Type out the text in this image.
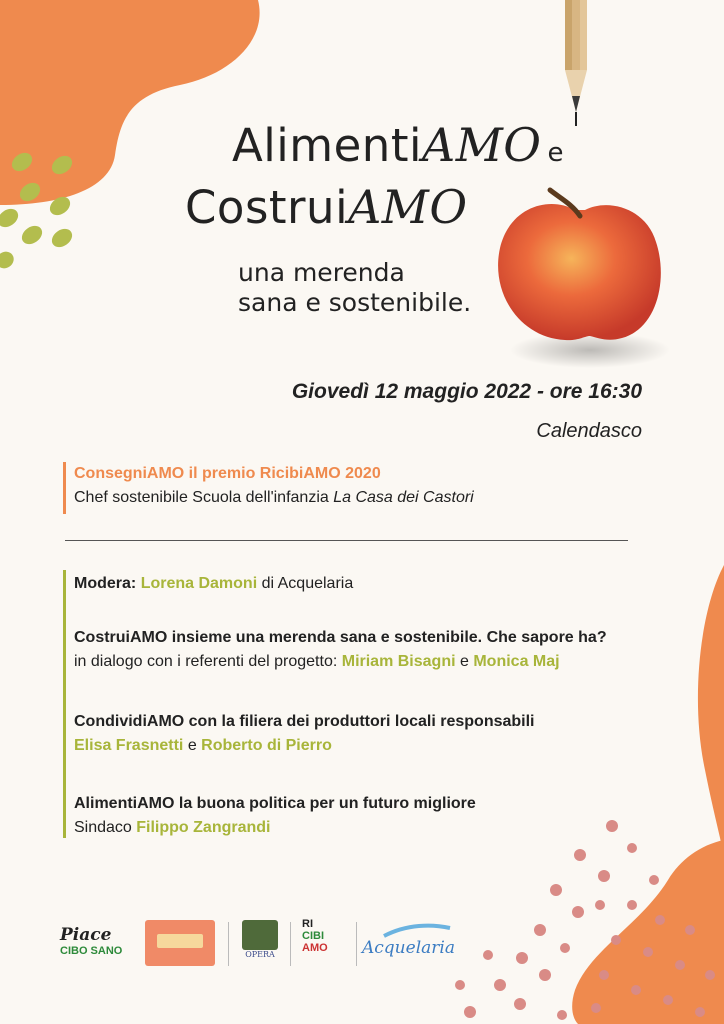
AlimentiAMO e
CostruiAMO
una merenda
sana e sostenibile.
Giovedì 12 maggio 2022 - ore 16:30
Calendasco
ConsegniAMO il premio RicibiAMO 2020
Chef sostenibile Scuola dell'infanzia La Casa dei Castori
Modera: Lorena Damoni di Acquelaria
CostruiAMO insieme una merenda sana e sostenibile. Che sapore ha?
in dialogo con i referenti del progetto: Miriam Bisagni e Monica Maj
CondividiAMO con la filiera dei produttori locali responsabili
Elisa Frasnetti e Roberto di Pierro
AlimentiAMO la buona politica per un futuro migliore
Sindaco Filippo Zangrandi
Piace
CIBO SANO	OPERA
RI
CIBI
AMO	Acquelaria
